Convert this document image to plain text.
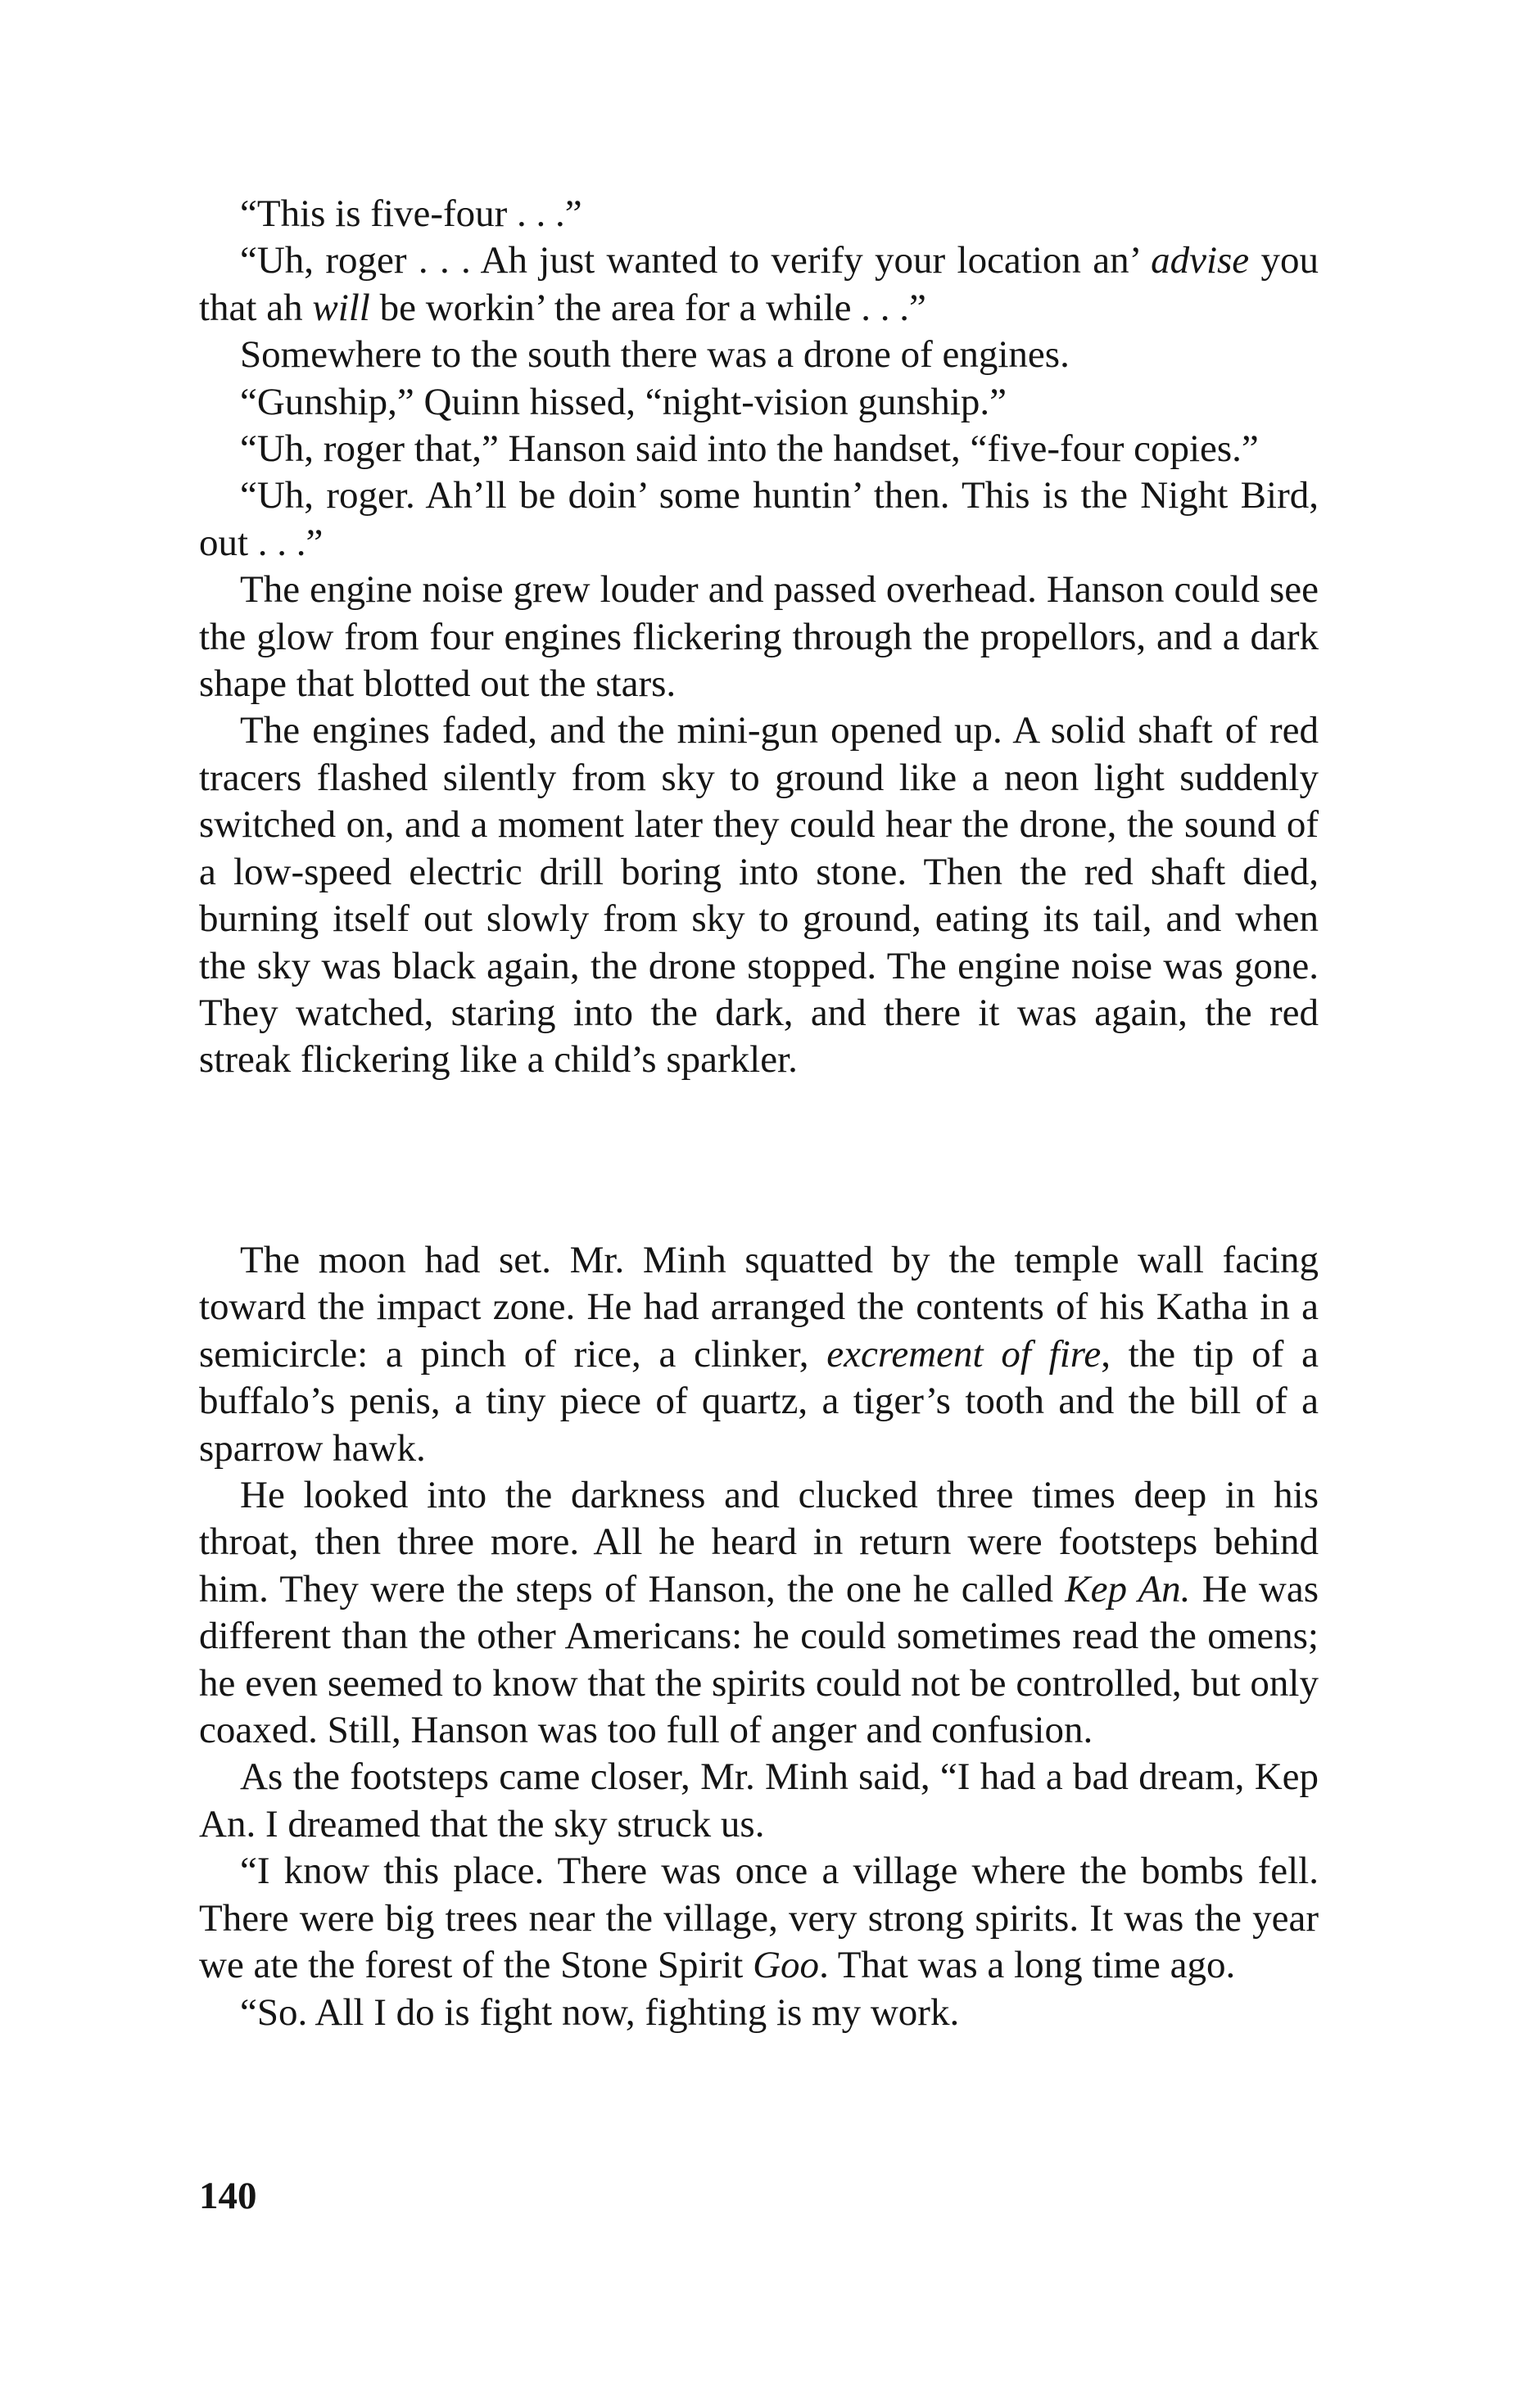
“This is five-four . . .”

“Uh, roger . . . Ah just wanted to verify your location an’ advise you that ah will be workin’ the area for a while . . .”

Somewhere to the south there was a drone of engines.

“Gunship,” Quinn hissed, “night-vision gunship.”

“Uh, roger that,” Hanson said into the handset, “five-four copies.”

“Uh, roger. Ah’ll be doin’ some huntin’ then. This is the Night Bird, out . . .”

The engine noise grew louder and passed overhead. Hanson could see the glow from four engines flickering through the propellors, and a dark shape that blotted out the stars.

The engines faded, and the mini-gun opened up. A solid shaft of red tracers flashed silently from sky to ground like a neon light suddenly switched on, and a moment later they could hear the drone, the sound of a low-speed electric drill boring into stone. Then the red shaft died, burning itself out slowly from sky to ground, eating its tail, and when the sky was black again, the drone stopped. The engine noise was gone. They watched, staring into the dark, and there it was again, the red streak flickering like a child’s sparkler.

The moon had set. Mr. Minh squatted by the temple wall facing toward the impact zone. He had arranged the contents of his Katha in a semicircle: a pinch of rice, a clinker, excrement of fire, the tip of a buffalo’s penis, a tiny piece of quartz, a tiger’s tooth and the bill of a sparrow hawk.

He looked into the darkness and clucked three times deep in his throat, then three more. All he heard in return were footsteps behind him. They were the steps of Hanson, the one he called Kep An. He was different than the other Americans: he could sometimes read the omens; he even seemed to know that the spirits could not be controlled, but only coaxed. Still, Hanson was too full of anger and confusion.

As the footsteps came closer, Mr. Minh said, “I had a bad dream, Kep An. I dreamed that the sky struck us.

“I know this place. There was once a village where the bombs fell. There were big trees near the village, very strong spirits. It was the year we ate the forest of the Stone Spirit Goo. That was a long time ago.

“So. All I do is fight now, fighting is my work.

140
